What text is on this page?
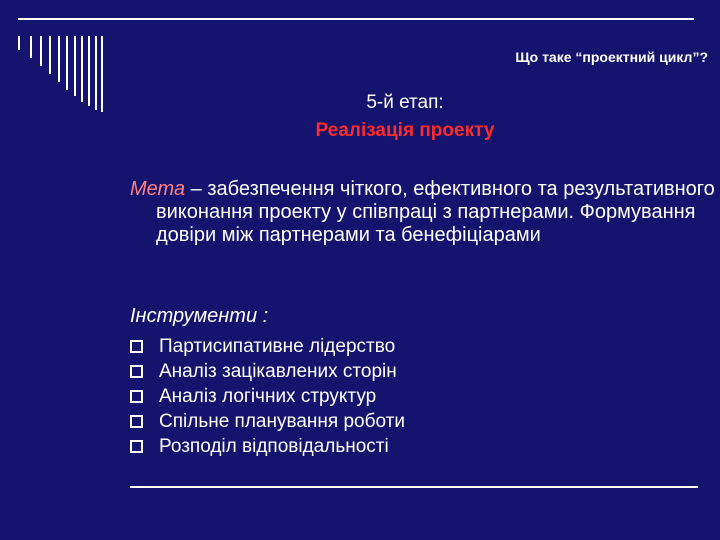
Що таке “проектний цикл”?
5-й етап:
Реалізація проекту
Мета – забезпечення чіткого, ефективного та результативного виконання проекту у співпраці з партнерами. Формування довіри між партнерами та бенефіціарами
Інструменти :
Партисипативне лідерство
Аналіз зацікавлених сторін
Аналіз логічних структур
Спільне планування роботи
Розподіл відповідальності
